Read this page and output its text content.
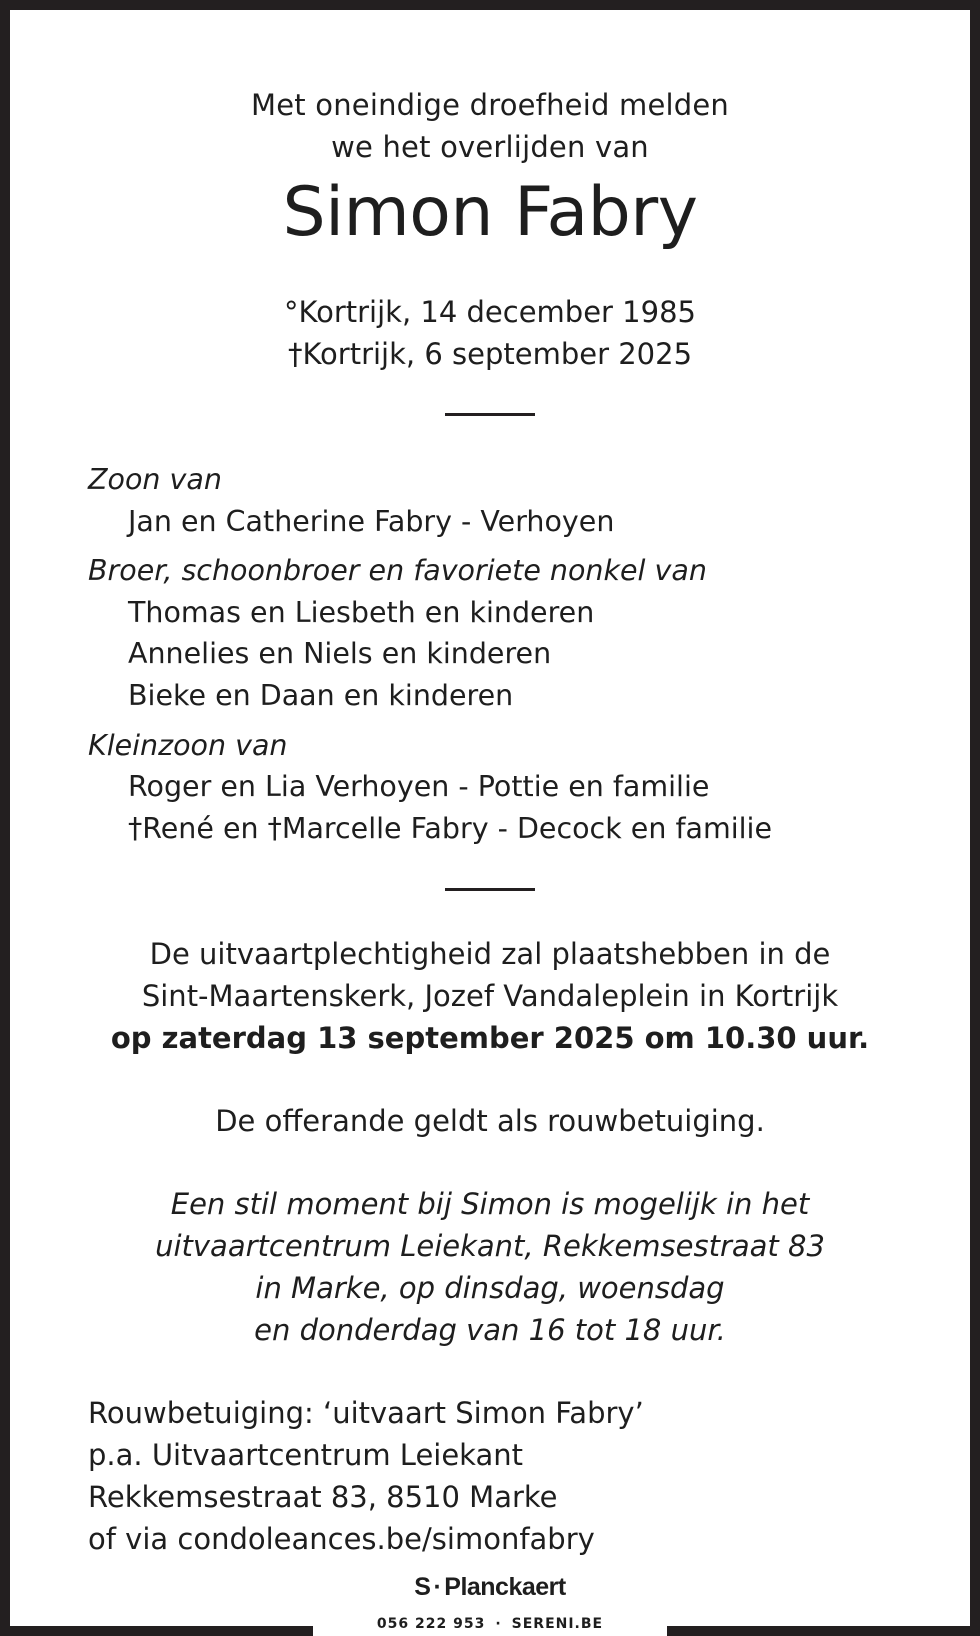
Met oneindige droefheid melden
we het overlijden van
Simon Fabry
°Kortrijk, 14 december 1985
†Kortrijk, 6 september 2025
Zoon van
Jan en Catherine Fabry - Verhoyen
Broer, schoonbroer en favoriete nonkel van
Thomas en Liesbeth en kinderen
Annelies en Niels en kinderen
Bieke en Daan en kinderen
Kleinzoon van
Roger en Lia Verhoyen - Pottie en familie
†René en †Marcelle Fabry - Decock en familie
De uitvaartplechtigheid zal plaatshebben in de
Sint-Maartenskerk, Jozef Vandaleplein in Kortrijk
op zaterdag 13 september 2025 om 10.30 uur.
De offerande geldt als rouwbetuiging.
Een stil moment bij Simon is mogelijk in het
uitvaartcentrum Leiekant, Rekkemsestraat 83
in Marke, op dinsdag, woensdag
en donderdag van 16 tot 18 uur.
Rouwbetuiging: ‘uitvaart Simon Fabry’
p.a. Uitvaartcentrum Leiekant
Rekkemsestraat 83, 8510 Marke
of via condoleances.be/simonfabry
S · Planckaert
056 222 953 · SERENI.BE
